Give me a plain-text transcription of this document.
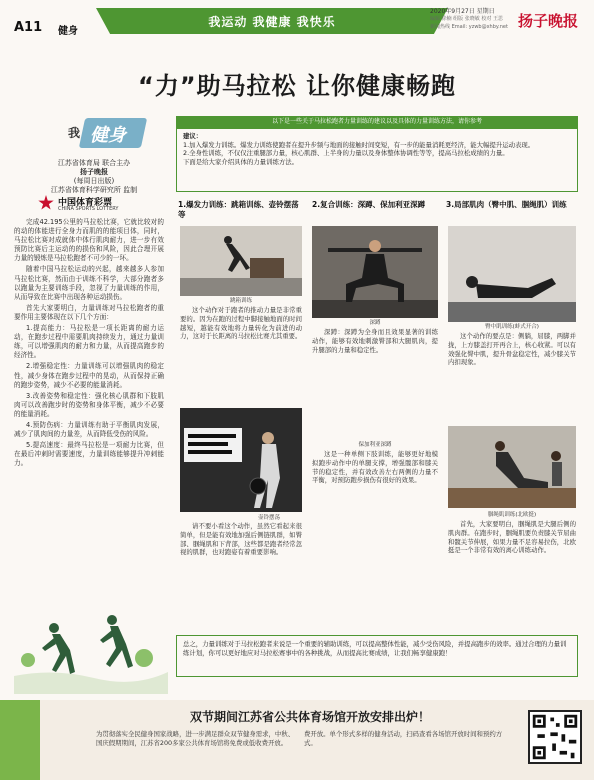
A11 健身
我运动 我健康 我快乐
2020年9月27日 星期日
编辑 徐楠 组版 张晓敏 校对 王思
新闻热线 Email: yzwb@xhby.net 扬子晚报
“力”助马拉松 让你健康畅跑
我 健身
江苏省体育局 联合主办
扬子晚报
(每周日出版)
江苏省体育科学研究所 监制
中国体育彩票
CHINA SPORTS LOTTERY

完成42.195公里的马拉松比赛，它就比较对的的动的体能进行全身力而肌的的能项目体，同时，马拉松比赛对成就体中体行肌肉耐力，进一步有效预防比赛后主运动的的损伤和风险，因此合理开展力量的锻炼是马拉松跑者不可少的一环。

随着中国马拉松运动的兴起，越来越多人参加马拉松比赛，然而由于训练不科学，大部分跑者多以跑量为主要训练手段，忽视了力量训练的作用，从而导致在比赛中出现各种运动损伤。

首先大家要明白，力量训练对马拉松跑者的重要作用主要体现在以下几个方面：

1.提高能力：马拉松是一项长距离的耐力运动，在跑步过程中需要肌肉持续发力，通过力量训练，可以增强肌肉的耐力和力量，从而提高跑步的经济性。

2.增强稳定性：力量训练可以增强肌肉的稳定性，减少身体在跑步过程中的晃动，从而保持正确的跑步姿势，减少不必要的能量消耗。

3.改善姿势和稳定性：强化核心肌群和下肢肌肉可以改善跑步时的姿势和身体平衡，减少不必要的能量消耗。

4.预防伤病：力量训练有助于平衡肌肉发展，减少了肌肉间的力量差，从而降低受伤的风险。

5.提高速度：最终马拉松是一项耐力比赛，但在最后冲刺时需要速度，力量训练能够提升冲刺能力。

以下是一些关于马拉松跑者力量训练的建议以及具体的力量训练方法，请你参考
建议：
1.加入爆发力训练。爆发力训练使跑者在提升步频与地面的接触时间变短，有一步的能量消耗更经济，能大幅提升运动表现。
2.全身性训练，不仅仅注重腿部力量，核心肌群、上半身的力量以及身体整体协调性等等，提高马拉松成绩的力量。
下面是给大家介绍具体的力量训练方法。
1.爆发力训练：跳箱训练、壶铃摆荡等
跳箱训练

这个动作对于跑者的推动力量是非常重要的。因为在跑的过程中脚接触地面的时间越短，越能有效地将力量转化为前进的动力，这对于长距离的马拉松比赛尤其重要。

壶铃摆荡

请不要小看这个动作，虽然它看起来很简单，但是能有效地加强后侧链肌群，如臀部、腘绳肌和下背部，这些都是跑者经常忽视的肌群，也对跑姿有着重要影响。

2.复合训练：深蹲、保加利亚深蹲
深蹲

深蹲：深蹲为全身而且效果显著的训练动作，能够有效地刺激臀部和大腿肌肉，提升腿部的力量和稳定性。

保加利亚深蹲

这是一种单侧下肢训练，能够更好地模拟跑步动作中的单腿支撑，增强髋部和膝关节的稳定性，并有效改善左右两侧的力量不平衡，对预防跑步损伤有很好的效果。

3.局部肌肉（臀中肌、腘绳肌）训练
臀中肌训练(蚌式开合)

这个动作的要点是：侧躺，屈膝，两脚并拢，上方膝盖打开再合上，核心收紧。可以有效强化臀中肌，提升骨盆稳定性，减少膝关节内扣现象。

腘绳肌训练(北欧挺)

首先，大家要明白，腘绳肌是大腿后侧的肌肉群。在跑步时，腘绳肌要负责膝关节屈曲和髋关节伸展，如果力量不足容易拉伤，北欧挺是一个非常有效的离心训练动作。

总之，力量训练对于马拉松跑者来说是一个重要的辅助训练，可以提高整体性能，减少受伤风险，并提高跑步的效率。通过合理的力量训练计划，你可以更好地应对马拉松赛事中的各种挑战，从而提高比赛成绩，让我们畅享健康跑！
双节期间江苏省公共体育场馆开放安排出炉！
为贯彻落实全民健身国家战略，进一步满足群众双节健身需求，中秋、国庆假期期间，江苏省200多家公共体育场馆将免费或低收费开放。
费开放。单个形式多样的健身活动，扫码查看各场馆开放时间和预约方式。
